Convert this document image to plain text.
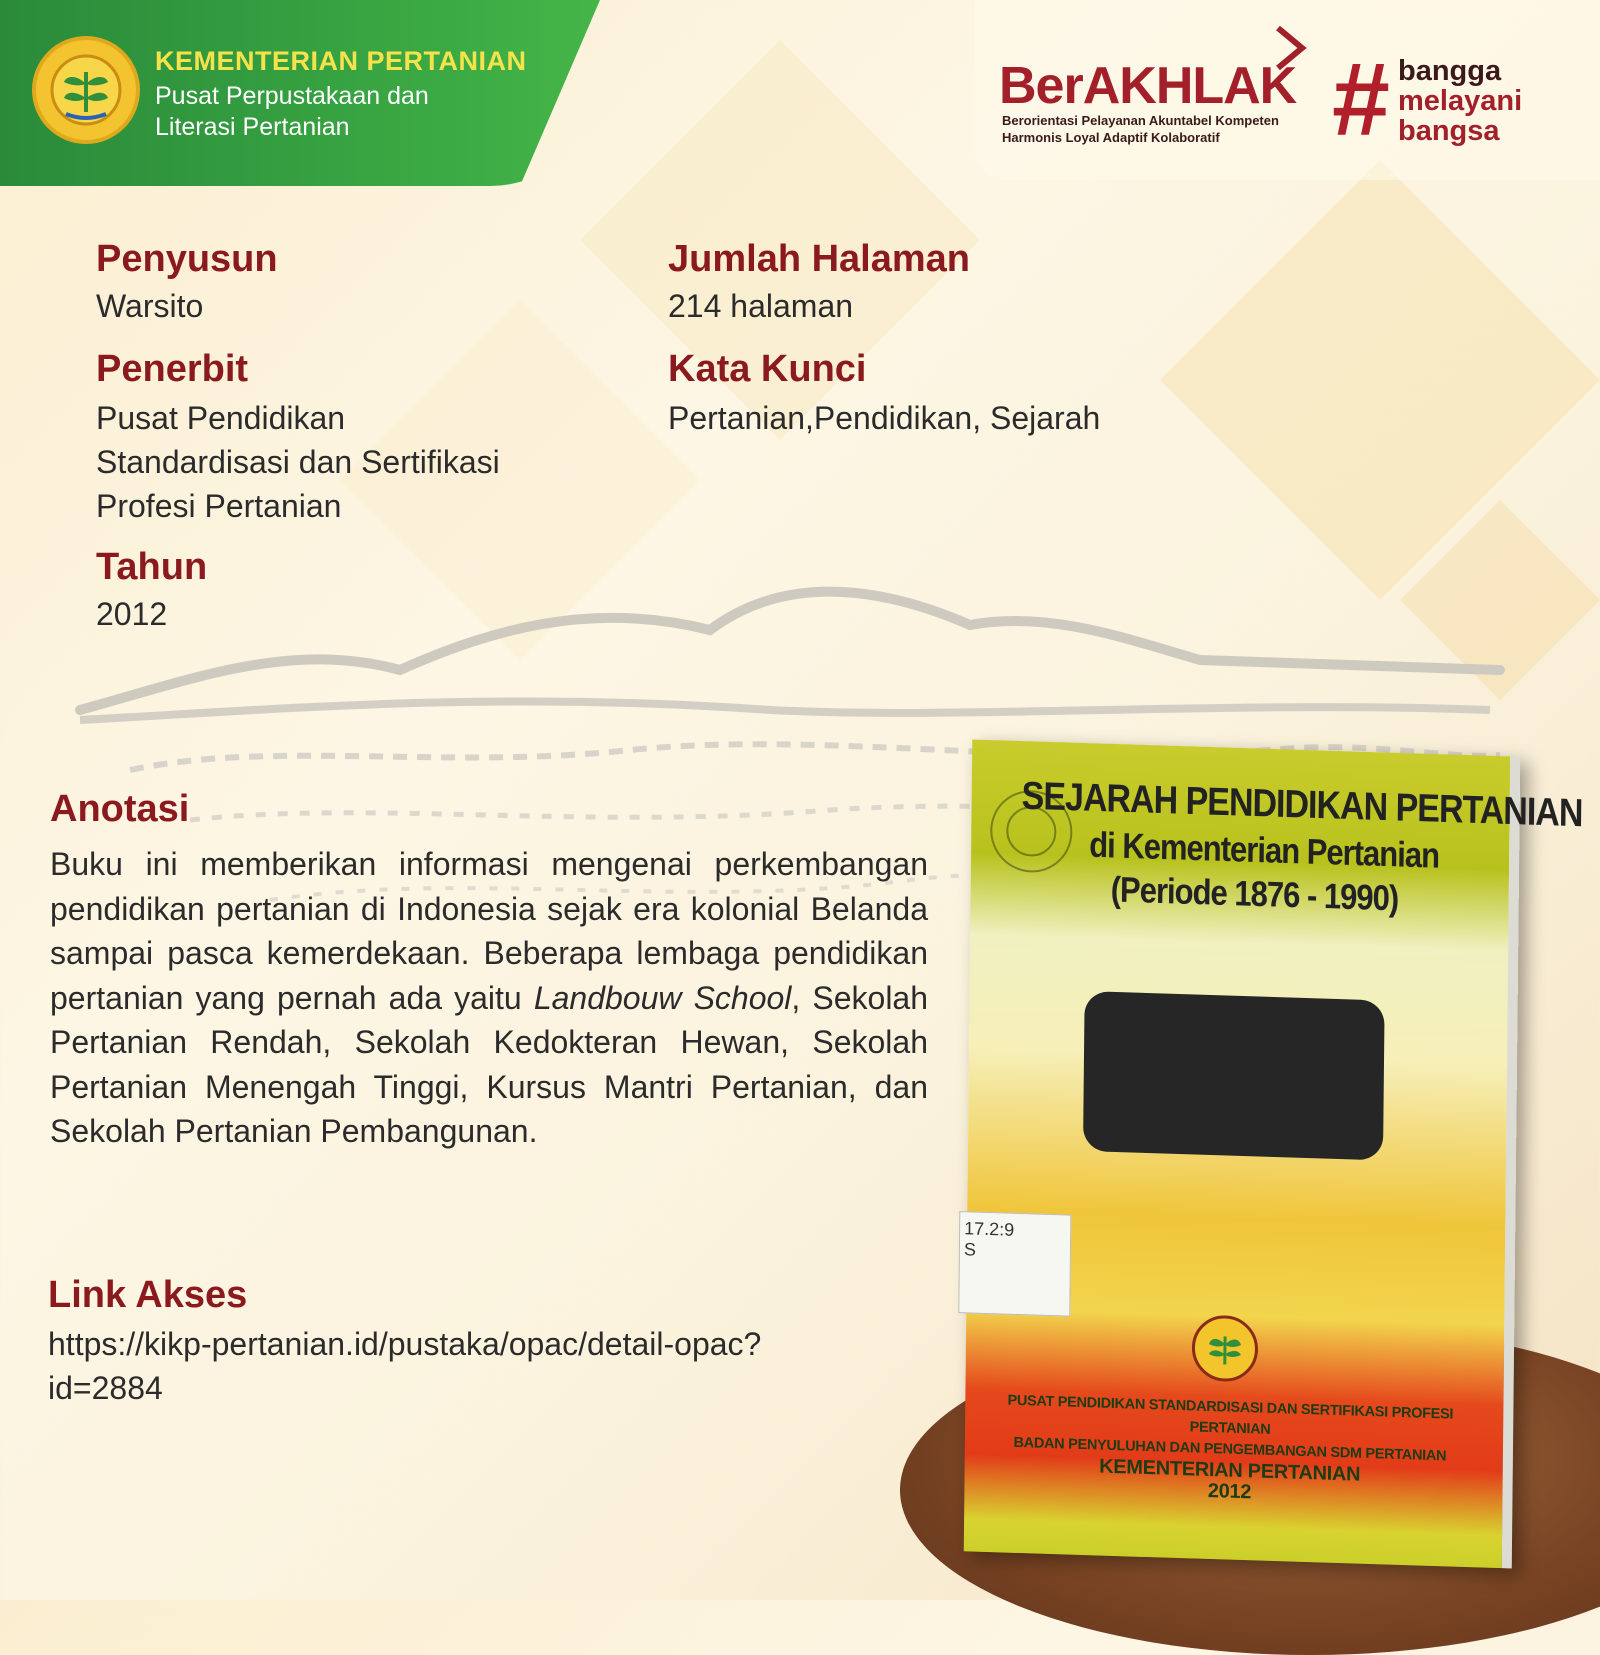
KEMENTERIAN PERTANIAN
Pusat Perpustakaan dan
Literasi Pertanian
BerAKHLAK
Berorientasi Pelayanan Akuntabel Kompeten
Harmonis Loyal Adaptif Kolaboratif	# bangga
melayani
bangsa
Penyusun
Warsito
Penerbit
Pusat Pendidikan
Standardisasi dan Sertifikasi
Profesi Pertanian
Tahun
2012
Jumlah Halaman
214 halaman
Kata Kunci
Pertanian,Pendidikan, Sejarah
Anotasi
Buku ini memberikan informasi mengenai perkembangan pendidikan pertanian di Indonesia sejak era kolonial Belanda sampai pasca kemerdekaan. Beberapa lembaga pendidikan pertanian yang pernah ada yaitu Landbouw School, Sekolah Pertanian Rendah, Sekolah Kedokteran Hewan, Sekolah Pertanian Menengah Tinggi, Kursus Mantri Pertanian, dan Sekolah Pertanian Pembangunan.
Link Akses
https://kikp-pertanian.id/pustaka/opac/detail-opac?id=2884
SEJARAH PENDIDIKAN PERTANIAN
di Kementerian Pertanian
(Periode 1876 - 1990)
17.2:9
S
PUSAT PENDIDIKAN STANDARDISASI DAN SERTIFIKASI PROFESI PERTANIAN
BADAN PENYULUHAN DAN PENGEMBANGAN SDM PERTANIAN
KEMENTERIAN PERTANIAN
2012
